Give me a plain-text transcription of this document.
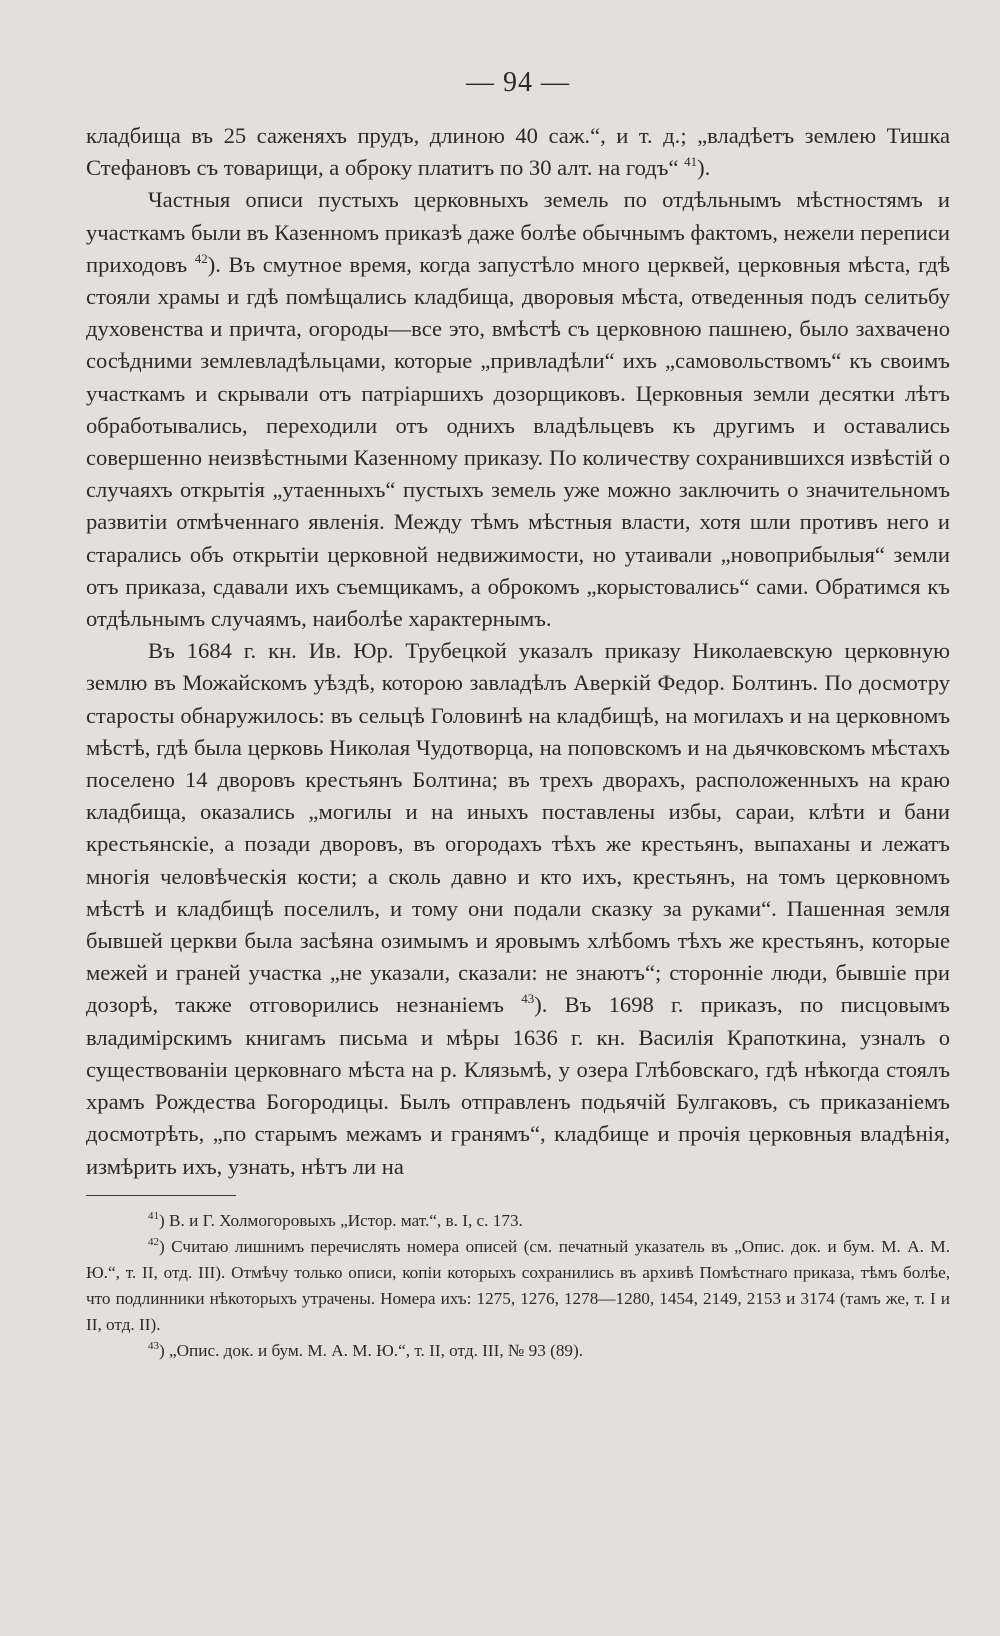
— 94 —

кладбища въ 25 саженяхъ прудъ, длиною 40 саж.“, и т. д.; „владѣетъ землею Тишка Стефановъ съ товарищи, а оброку платитъ по 30 алт. на годъ“ $^{41}$).

Частныя описи пустыхъ церковныхъ земель по отдѣльнымъ мѣстностямъ и участкамъ были въ Казенномъ приказѣ даже болѣе обычнымъ фактомъ, нежели переписи приходовъ $^{42}$). Въ смутное время, когда запустѣло много церквей, церковныя мѣста, гдѣ стояли храмы и гдѣ помѣщались кладбища, дворовыя мѣста, отведенныя подъ селитьбу духовенства и причта, огороды—все это, вмѣстѣ съ церковною пашнею, было захвачено сосѣдними землевладѣльцами, которые „привладѣли“ ихъ „самовольствомъ“ къ своимъ участкамъ и скрывали отъ патріаршихъ дозорщиковъ. Церковныя земли десятки лѣтъ обработывались, переходили отъ однихъ владѣльцевъ къ другимъ и оставались совершенно неизвѣстными Казенному приказу. По количеству сохранившихся извѣстій о случаяхъ открытія „утаенныхъ“ пустыхъ земель уже можно заключить о значительномъ развитіи отмѣченнаго явленія. Между тѣмъ мѣстныя власти, хотя шли противъ него и старались объ открытіи церковной недвижимости, но утаивали „новоприбылыя“ земли отъ приказа, сдавали ихъ съемщикамъ, а оброкомъ „корыстовались“ сами. Обратимся къ отдѣльнымъ случаямъ, наиболѣе характернымъ.

Въ 1684 г. кн. Ив. Юр. Трубецкой указалъ приказу Николаевскую церковную землю въ Можайскомъ уѣздѣ, которою завладѣлъ Аверкій Федор. Болтинъ. По досмотру старосты обнаружилось: въ сельцѣ Головинѣ на кладбищѣ, на могилахъ и на церковномъ мѣстѣ, гдѣ была церковь Николая Чудотворца, на поповскомъ и на дьячковскомъ мѣстахъ поселено 14 дворовъ крестьянъ Болтина; въ трехъ дворахъ, расположенныхъ на краю кладбища, оказались „могилы и на иныхъ поставлены избы, сараи, клѣти и бани крестьянскіе, а позади дворовъ, въ огородахъ тѣхъ же крестьянъ, выпаханы и лежатъ многія человѣческія кости; а сколь давно и кто ихъ, крестьянъ, на томъ церковномъ мѣстѣ и кладбищѣ поселилъ, и тому они подали сказку за руками“. Пашенная земля бывшей церкви была засѣяна озимымъ и яровымъ хлѣбомъ тѣхъ же крестьянъ, которые межей и граней участка „не указали, сказали: не знаютъ“; сторонніе люди, бывшіе при дозорѣ, также отговорились незнаніемъ $^{43}$). Въ 1698 г. приказъ, по писцовымъ владимірскимъ книгамъ письма и мѣры 1636 г. кн. Василія Крапоткина, узналъ о существованіи церковнаго мѣста на р. Клязьмѣ, у озера Глѣбовскаго, гдѣ нѣкогда стоялъ храмъ Рождества Богородицы. Былъ отправленъ подьячій Булгаковъ, съ приказаніемъ досмотрѣть, „по старымъ межамъ и гранямъ“, кладбище и прочія церковныя владѣнія, измѣрить ихъ, узнать, нѣтъ ли на

$^{41}$) В. и Г. Холмогоровыхъ „Истор. мат.“, в. I, с. 173.

$^{42}$) Считаю лишнимъ перечислять номера описей (см. печатный указатель въ „Опис. док. и бум. М. А. М. Ю.“, т. II, отд. III). Отмѣчу только описи, копіи которыхъ сохранились въ архивѣ Помѣстнаго приказа, тѣмъ болѣе, что подлинники нѣкоторыхъ утрачены. Номера ихъ: 1275, 1276, 1278—1280, 1454, 2149, 2153 и 3174 (тамъ же, т. I и II, отд. II).

$^{43}$) „Опис. док. и бум. М. А. М. Ю.“, т. II, отд. III, № 93 (89).
